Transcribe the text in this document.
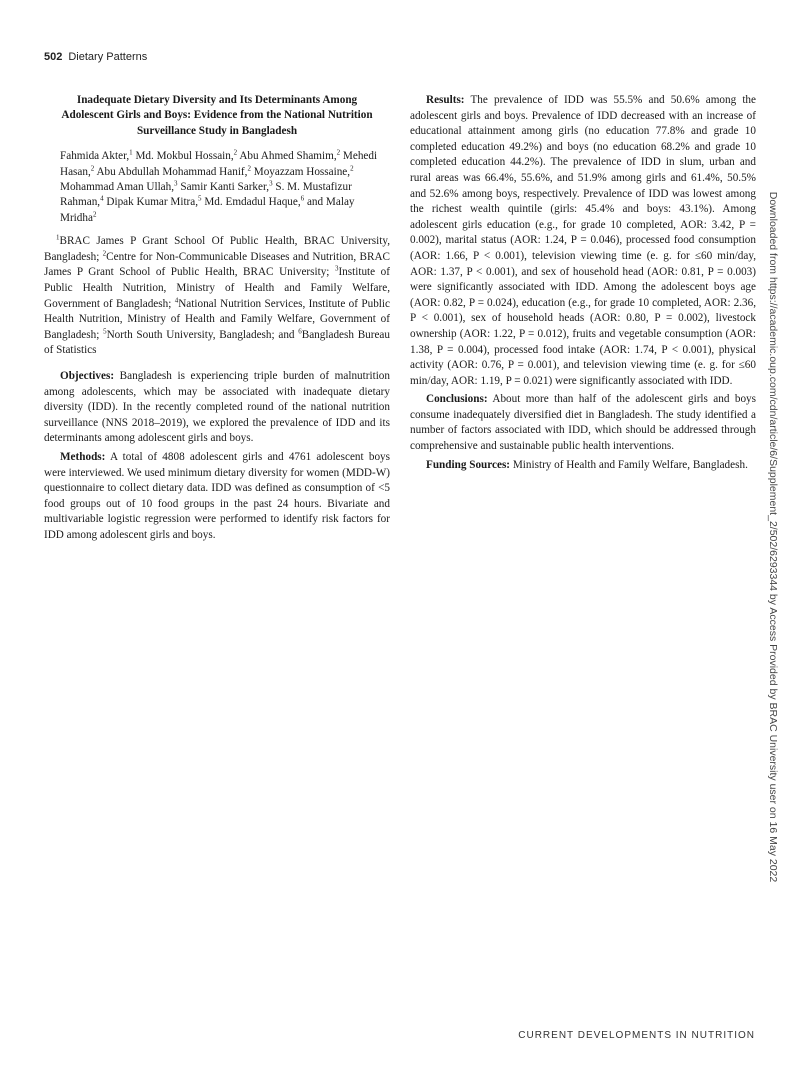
502 Dietary Patterns
Inadequate Dietary Diversity and Its Determinants Among Adolescent Girls and Boys: Evidence from the National Nutrition Surveillance Study in Bangladesh
Fahmida Akter,$^1$ Md. Mokbul Hossain,$^2$ Abu Ahmed Shamim,$^2$ Mehedi Hasan,$^2$ Abu Abdullah Mohammad Hanif,$^2$ Moyazzam Hossaine,$^2$ Mohammad Aman Ullah,$^3$ Samir Kanti Sarker,$^3$ S. M. Mustafizur Rahman,$^4$ Dipak Kumar Mitra,$^5$ Md. Emdadul Haque,$^6$ and Malay Mridha$^2$
$^1$BRAC James P Grant School Of Public Health, BRAC University, Bangladesh; $^2$Centre for Non-Communicable Diseases and Nutrition, BRAC James P Grant School of Public Health, BRAC University; $^3$Institute of Public Health Nutrition, Ministry of Health and Family Welfare, Government of Bangladesh; $^4$National Nutrition Services, Institute of Public Health Nutrition, Ministry of Health and Family Welfare, Government of Bangladesh; $^5$North South University, Bangladesh; and $^6$Bangladesh Bureau of Statistics

Objectives: Bangladesh is experiencing triple burden of malnutrition among adolescents, which may be associated with inadequate dietary diversity (IDD). In the recently completed round of the national nutrition surveillance (NNS 2018–2019), we explored the prevalence of IDD and its determinants among adolescent girls and boys.

Methods: A total of 4808 adolescent girls and 4761 adolescent boys were interviewed. We used minimum dietary diversity for women (MDD-W) questionnaire to collect dietary data. IDD was defined as consumption of <5 food groups out of 10 food groups in the past 24 hours. Bivariate and multivariable logistic regression were performed to identify risk factors for IDD among adolescent girls and boys.

Results: The prevalence of IDD was 55.5% and 50.6% among the adolescent girls and boys. Prevalence of IDD decreased with an increase of educational attainment among girls (no education 77.8% and grade 10 completed education 49.2%) and boys (no education 68.2% and grade 10 completed education 44.2%). The prevalence of IDD in slum, urban and rural areas was 66.4%, 55.6%, and 51.9% among girls and 61.4%, 50.5% and 52.6% among boys, respectively. Prevalence of IDD was lowest among the richest wealth quintile (girls: 45.4% and boys: 43.1%). Among adolescent girls education (e.g., for grade 10 completed, AOR: 3.42, P = 0.002), marital status (AOR: 1.24, P = 0.046), processed food consumption (AOR: 1.66, P < 0.001), television viewing time (e. g. for ≤60 min/day, AOR: 1.37, P < 0.001), and sex of household head (AOR: 0.81, P = 0.003) were significantly associated with IDD. Among the adolescent boys age (AOR: 0.82, P = 0.024), education (e.g., for grade 10 completed, AOR: 2.36, P < 0.001), sex of household heads (AOR: 0.80, P = 0.002), livestock ownership (AOR: 1.22, P = 0.012), fruits and vegetable consumption (AOR: 1.38, P = 0.004), processed food intake (AOR: 1.74, P < 0.001), physical activity (AOR: 0.76, P = 0.001), and television viewing time (e. g. for ≤60 min/day, AOR: 1.19, P = 0.021) were significantly associated with IDD.

Conclusions: About more than half of the adolescent girls and boys consume inadequately diversified diet in Bangladesh. The study identified a number of factors associated with IDD, which should be addressed through comprehensive and sustainable public health interventions.

Funding Sources: Ministry of Health and Family Welfare, Bangladesh.	Downloaded from https://academic.oup.com/cdn/article/6/Supplement_2/502/6293344 by Access Provided by BRAC University user on 16 May 2022
CURRENT DEVELOPMENTS IN NUTRITION
